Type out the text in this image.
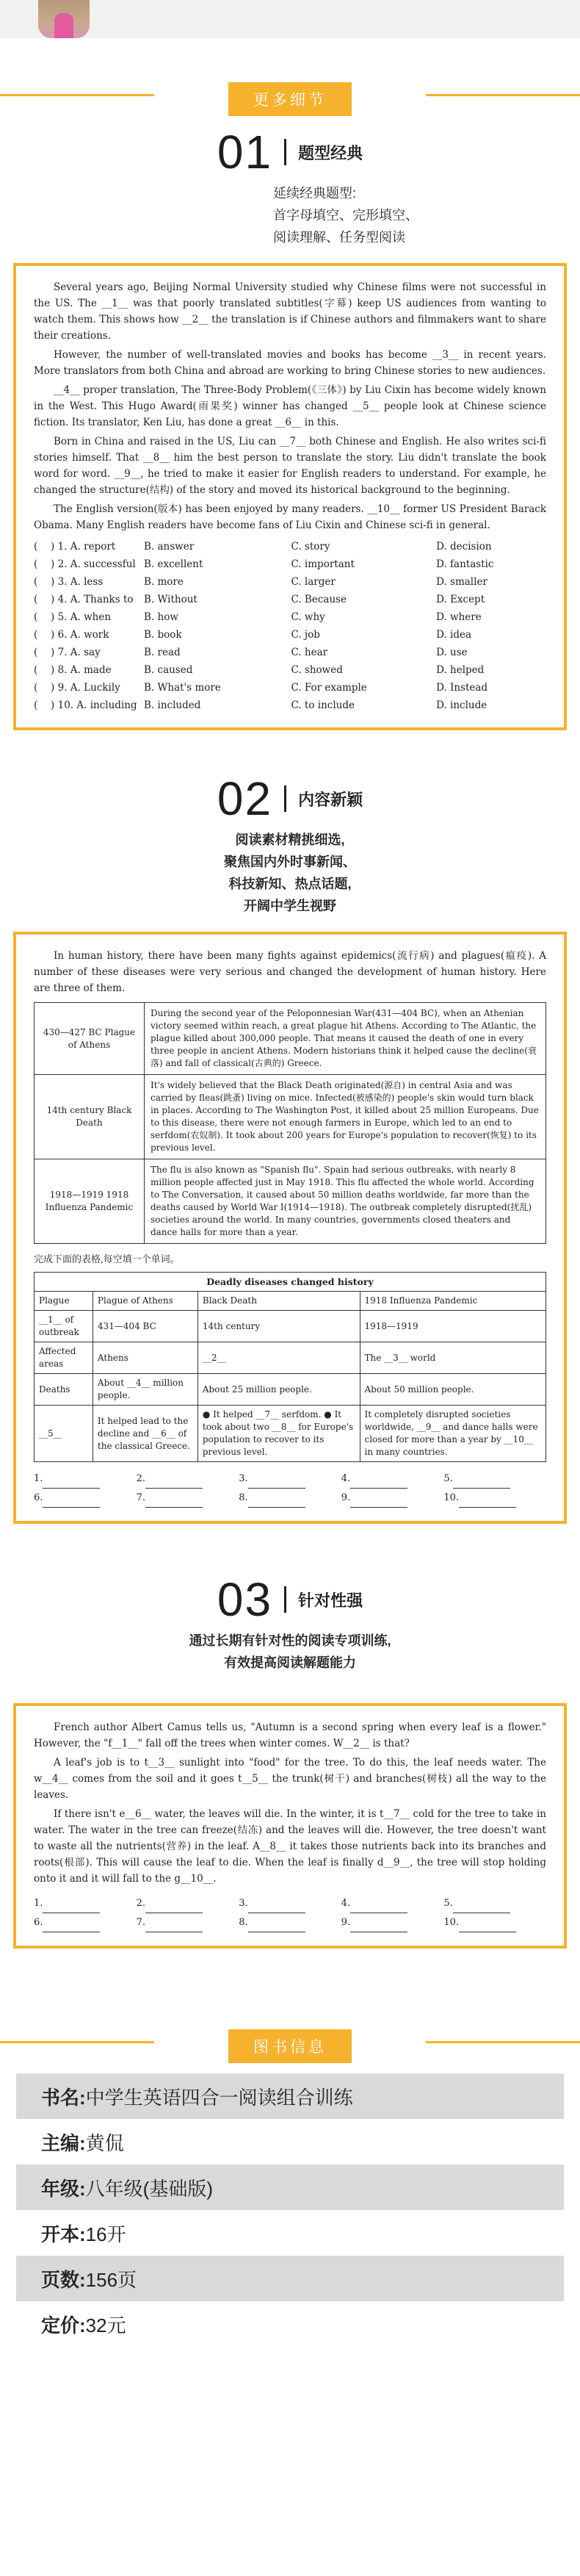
更多细节
01 题型经典
延续经典题型:
首字母填空、完形填空、
阅读理解、任务型阅读

Several years ago, Beijing Normal University studied why Chinese films were not successful in the US. The __1__ was that poorly translated subtitles(字幕) keep US audiences from wanting to watch them. This shows how __2__ the translation is if Chinese authors and filmmakers want to share their creations.

However, the number of well-translated movies and books has become __3__ in recent years. More translators from both China and abroad are working to bring Chinese stories to new audiences.

__4__ proper translation, The Three-Body Problem(《三体》) by Liu Cixin has become widely known in the West. This Hugo Award(雨果奖) winner has changed __5__ people look at Chinese science fiction. Its translator, Ken Liu, has done a great __6__ in this.

Born in China and raised in the US, Liu can __7__ both Chinese and English. He also writes sci-fi stories himself. That __8__ him the best person to translate the story. Liu didn't translate the book word for word. __9__, he tried to make it easier for English readers to understand. For example, he changed the structure(结构) of the story and moved its historical background to the beginning.

The English version(版本) has been enjoyed by many readers. __10__ former US President Barack Obama. Many English readers have become fans of Liu Cixin and Chinese sci-fi in general.

(　 ) 1. A. report	B. answer	C. story	D. decision
(　 ) 2. A. successful	B. excellent	C. important	D. fantastic
(　 ) 3. A. less	B. more	C. larger	D. smaller
(　 ) 4. A. Thanks to	B. Without	C. Because	D. Except
(　 ) 5. A. when	B. how	C. why	D. where
(　 ) 6. A. work	B. book	C. job	D. idea
(　 ) 7. A. say	B. read	C. hear	D. use
(　 ) 8. A. made	B. caused	C. showed	D. helped
(　 ) 9. A. Luckily	B. What's more	C. For example	D. Instead
(　 ) 10. A. including	B. included	C. to include	D. include
02 内容新颖
阅读素材精挑细选,
聚焦国内外时事新闻、
科技新知、热点话题,
开阔中学生视野

In human history, there have been many fights against epidemics(流行病) and plagues(瘟疫). A number of these diseases were very serious and changed the development of human history. Here are three of them.

430—427 BC Plague of Athens	During the second year of the Peloponnesian War(431—404 BC), when an Athenian victory seemed within reach, a great plague hit Athens. According to The Atlantic, the plague killed about 300,000 people. That means it caused the death of one in every three people in ancient Athens. Modern historians think it helped cause the decline(衰落) and fall of classical(古典的) Greece.
14th century Black Death	It's widely believed that the Black Death originated(源自) in central Asia and was carried by fleas(跳蚤) living on mice. Infected(被感染的) people's skin would turn black in places. According to The Washington Post, it killed about 25 million Europeans. Due to this disease, there were not enough farmers in Europe, which led to an end to serfdom(农奴制). It took about 200 years for Europe's population to recover(恢复) to its previous level.
1918—1919 1918 Influenza Pandemic	The flu is also known as "Spanish flu". Spain had serious outbreaks, with nearly 8 million people affected just in May 1918. This flu affected the whole world. According to The Conversation, it caused about 50 million deaths worldwide, far more than the deaths caused by World War I(1914—1918). The outbreak completely disrupted(扰乱) societies around the world. In many countries, governments closed theaters and dance halls for more than a year.
完成下面的表格,每空填一个单词。
Deadly diseases changed history			
Plague	Plague of Athens	Black Death	1918 Influenza Pandemic
__1__ of outbreak	431—404 BC	14th century	1918—1919
Affected areas	Athens	__2__	The __3__ world
Deaths	About __4__ million people.	About 25 million people.	About 50 million people.
__5__	It helped lead to the decline and __6__ of the classical Greece.	● It helped __7__ serfdom. ● It took about two __8__ for Europe's population to recover to its previous level.	It completely disrupted societies worldwide, __9__ and dance halls were closed for more than a year by __10__ in many countries.
1.	2.	3.	4.	5.
6.	7.	8.	9.	10.
03 针对性强
通过长期有针对性的阅读专项训练,
有效提高阅读解题能力

French author Albert Camus tells us, "Autumn is a second spring when every leaf is a flower." However, the "f__1__" fall off the trees when winter comes. W__2__ is that?

A leaf's job is to t__3__ sunlight into "food" for the tree. To do this, the leaf needs water. The w__4__ comes from the soil and it goes t__5__ the trunk(树干) and branches(树枝) all the way to the leaves.

If there isn't e__6__ water, the leaves will die. In the winter, it is t__7__ cold for the tree to take in water. The water in the tree can freeze(结冻) and the leaves will die. However, the tree doesn't want to waste all the nutrients(营养) in the leaf. A__8__ it takes those nutrients back into its branches and roots(根部). This will cause the leaf to die. When the leaf is finally d__9__, the tree will stop holding onto it and it will fall to the g__10__.

1.	2.	3.	4.	5.
6.	7.	8.	9.	10.
图书信息
书名: 中学生英语四合一阅读组合训练
主编: 黄侃
年级: 八年级(基础版)
开本: 16开
页数: 156页
定价: 32元
